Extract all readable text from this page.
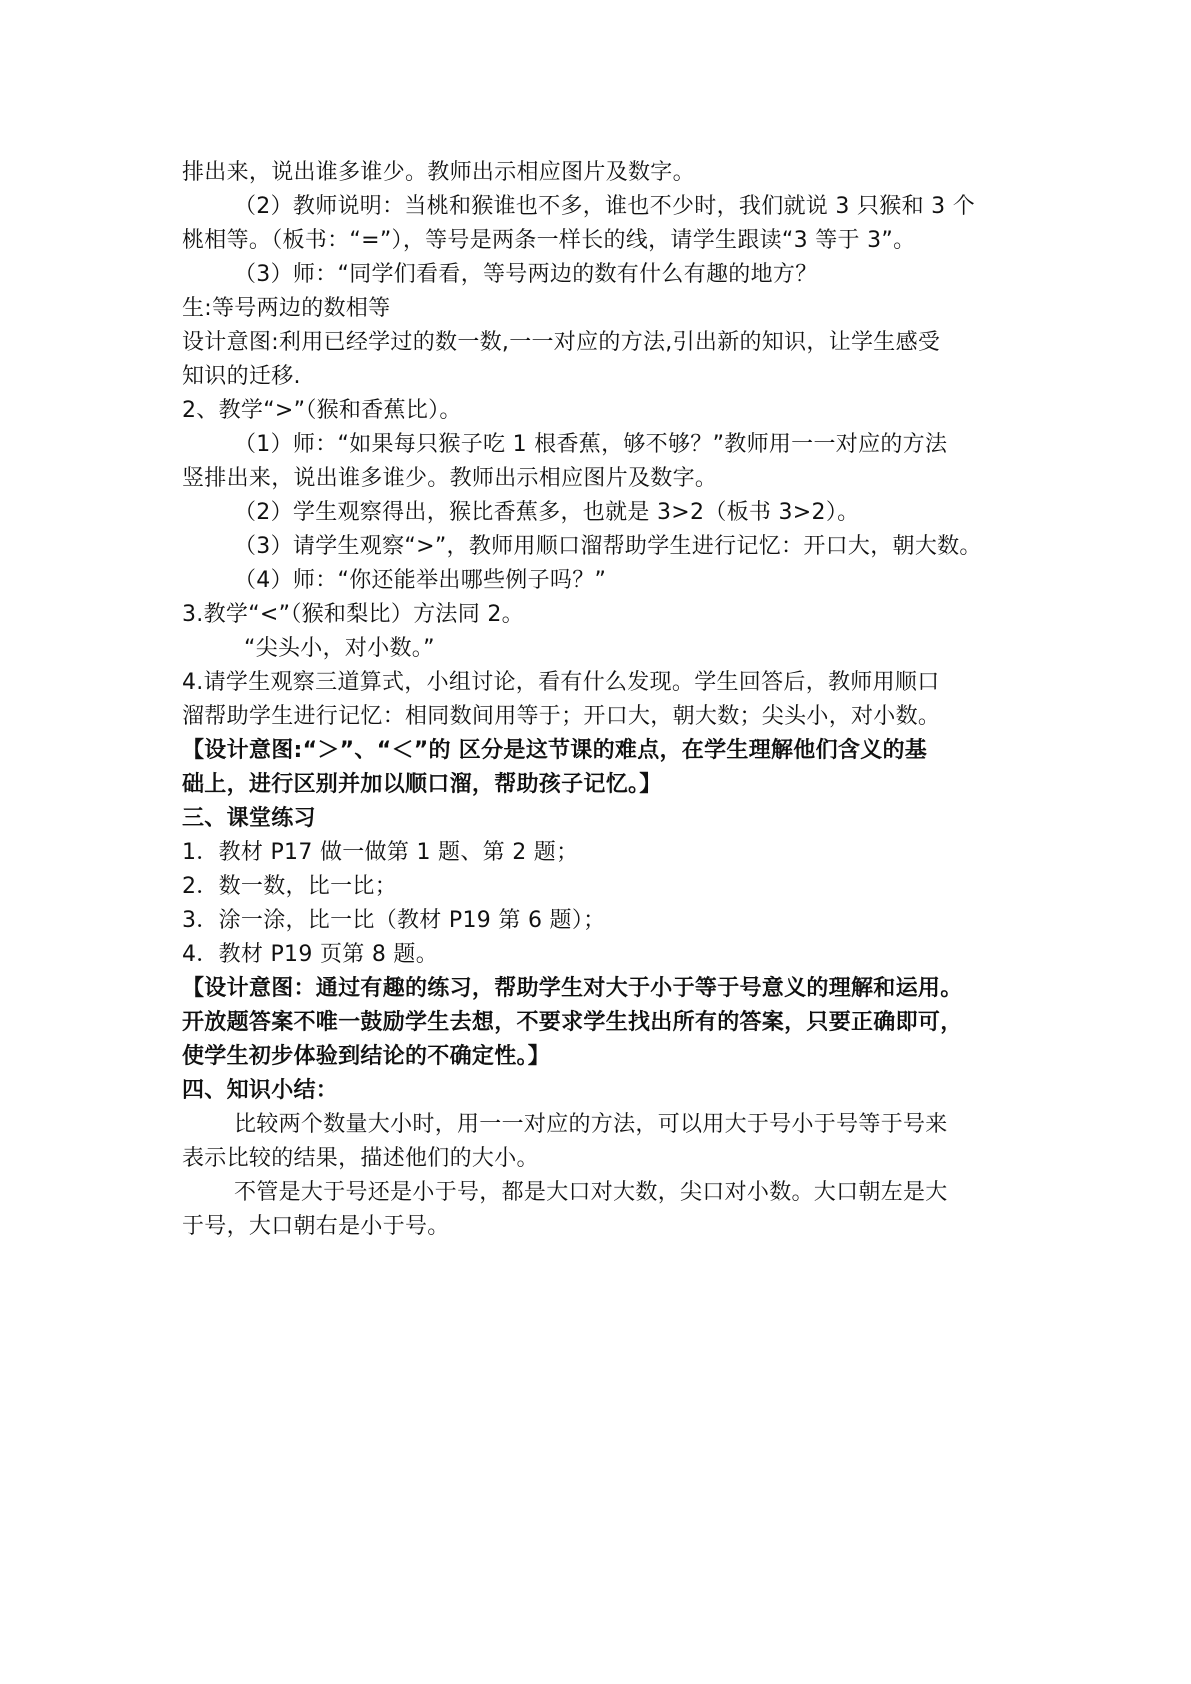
排出来，说出谁多谁少。教师出示相应图片及数字。
（2）教师说明：当桃和猴谁也不多，谁也不少时，我们就说 3 只猴和 3 个
桃相等。（板书：“=”），等号是两条一样长的线，请学生跟读“3 等于 3”。
（3）师：“同学们看看，等号两边的数有什么有趣的地方？
生:等号两边的数相等
设计意图:利用已经学过的数一数,一一对应的方法,引出新的知识，让学生感受
知识的迁移.
2、教学“>”（猴和香蕉比）。
（1）师：“如果每只猴子吃 1 根香蕉，够不够？”教师用一一对应的方法
竖排出来，说出谁多谁少。教师出示相应图片及数字。
（2）学生观察得出，猴比香蕉多，也就是 3>2（板书 3>2）。
（3）请学生观察“>”，教师用顺口溜帮助学生进行记忆：开口大，朝大数。
（4）师：“你还能举出哪些例子吗？”
3.教学“<”（猴和梨比）方法同 2。
“尖头小，对小数。”
4.请学生观察三道算式，小组讨论，看有什么发现。学生回答后，教师用顺口
溜帮助学生进行记忆：相同数间用等于；开口大，朝大数；尖头小，对小数。
【设计意图:“＞”、“＜”的 区分是这节课的难点，在学生理解他们含义的基
础上，进行区别并加以顺口溜，帮助孩子记忆。】
三、课堂练习
1．教材 P17 做一做第 1 题、第 2 题；
2．数一数，比一比；
3．涂一涂，比一比（教材 P19 第 6 题）；
4．教材 P19 页第 8 题。
【设计意图：通过有趣的练习，帮助学生对大于小于等于号意义的理解和运用。
开放题答案不唯一鼓励学生去想，不要求学生找出所有的答案，只要正确即可，
使学生初步体验到结论的不确定性。】
四、知识小结：
比较两个数量大小时，用一一对应的方法，可以用大于号小于号等于号来
表示比较的结果，描述他们的大小。
不管是大于号还是小于号，都是大口对大数，尖口对小数。大口朝左是大
于号，大口朝右是小于号。
